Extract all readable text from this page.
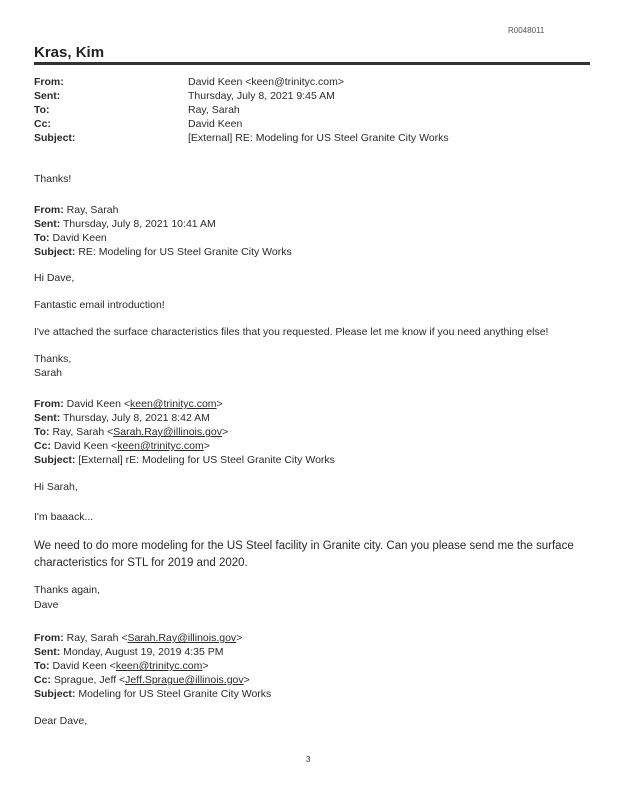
R0048011
Kras, Kim
From:	David Keen <keen@trinityc.com>
Sent:	Thursday, July 8, 2021 9:45 AM
To:	Ray, Sarah
Cc:	David Keen
Subject:	[External] RE: Modeling for US Steel Granite City Works
Thanks!
From: Ray, Sarah
Sent: Thursday, July 8, 2021 10:41 AM
To: David Keen
Subject: RE: Modeling for US Steel Granite City Works
Hi Dave,
Fantastic email introduction!
I've attached the surface characteristics files that you requested. Please let me know if you need anything else!
Thanks,
Sarah
From: David Keen <keen@trinityc.com>
Sent: Thursday, July 8, 2021 8:42 AM
To: Ray, Sarah <Sarah.Ray@illinois.gov>
Cc: David Keen <keen@trinityc.com>
Subject: [External] rE: Modeling for US Steel Granite City Works
Hi Sarah,
I'm baaack...
We need to do more modeling for the US Steel facility in Granite city. Can you please send me the surface
characteristics for STL for 2019 and 2020.
Thanks again,
Dave
From: Ray, Sarah <Sarah.Ray@illinois.gov>
Sent: Monday, August 19, 2019 4:35 PM
To: David Keen <keen@trinityc.com>
Cc: Sprague, Jeff <Jeff.Sprague@illinois.gov>
Subject: Modeling for US Steel Granite City Works
Dear Dave,
3
